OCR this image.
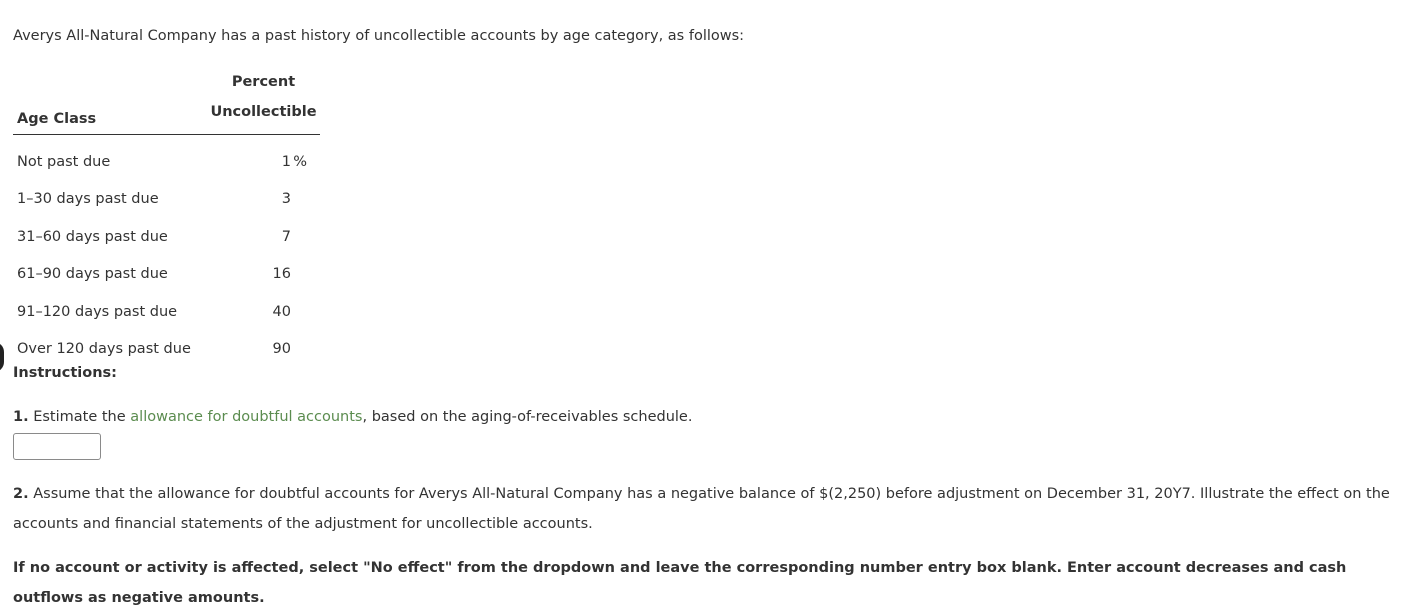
Averys All-Natural Company has a past history of uncollectible accounts by age category, as follows:

Age Class	Percent
Uncollectible
Not past due	1 %
1–30 days past due	3
31–60 days past due	7
61–90 days past due	16
91–120 days past due	40
Over 120 days past due	90

Instructions:

1. Estimate the allowance for doubtful accounts, based on the aging-of-receivables schedule.

2. Assume that the allowance for doubtful accounts for Averys All-Natural Company has a negative balance of $(2,250) before adjustment on December 31, 20Y7. Illustrate the effect on the accounts and financial statements of the adjustment for uncollectible accounts.

If no account or activity is affected, select "No effect" from the dropdown and leave the corresponding number entry box blank. Enter account decreases and cash outflows as negative amounts.
